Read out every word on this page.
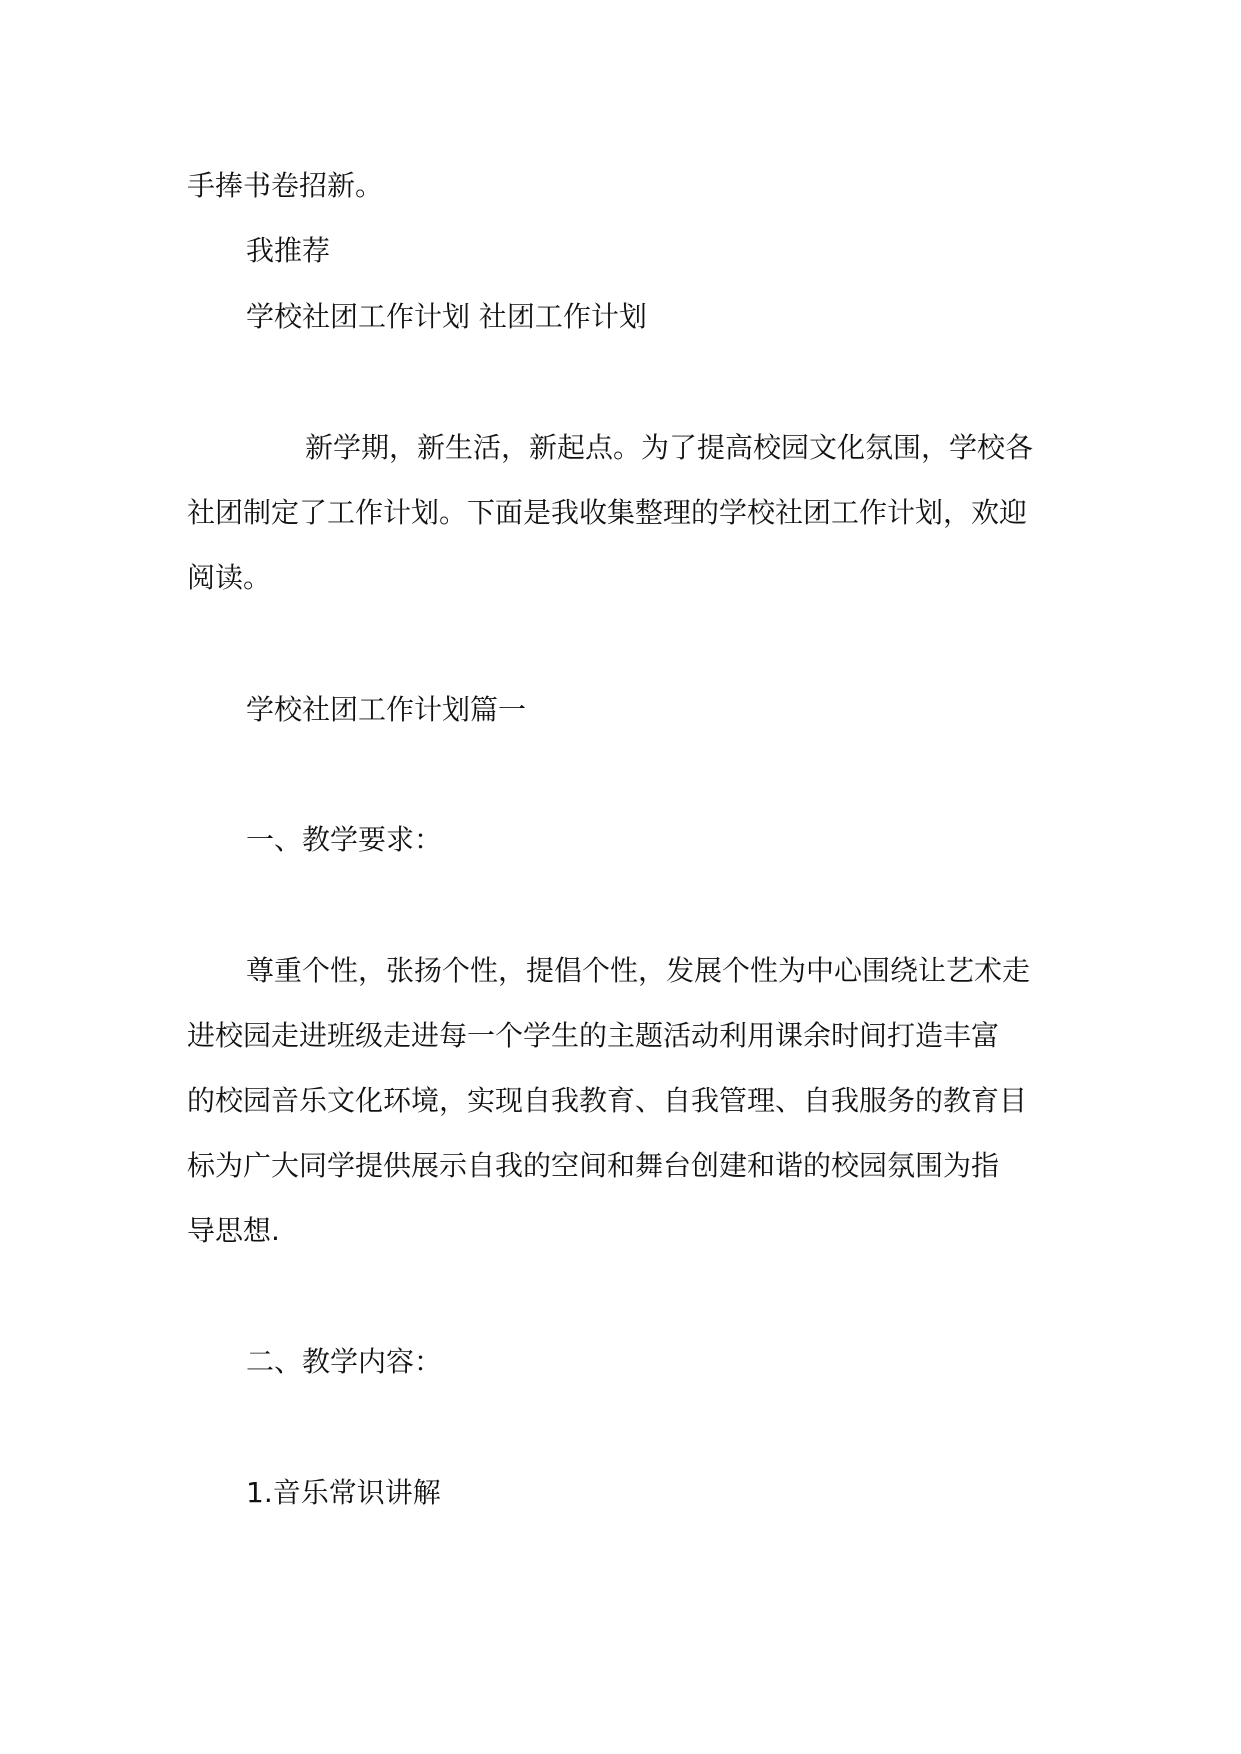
手捧书卷招新。
我推荐
学校社团工作计划 社团工作计划
新学期，新生活，新起点。为了提高校园文化氛围，学校各
社团制定了工作计划。下面是我收集整理的学校社团工作计划，欢迎
阅读。
学校社团工作计划篇一
一、教学要求：
尊重个性，张扬个性，提倡个性，发展个性为中心围绕让艺术走
进校园走进班级走进每一个学生的主题活动利用课余时间打造丰富
的校园音乐文化环境，实现自我教育、自我管理、自我服务的教育目
标为广大同学提供展示自我的空间和舞台创建和谐的校园氛围为指
导思想.
二、教学内容：
1.音乐常识讲解
